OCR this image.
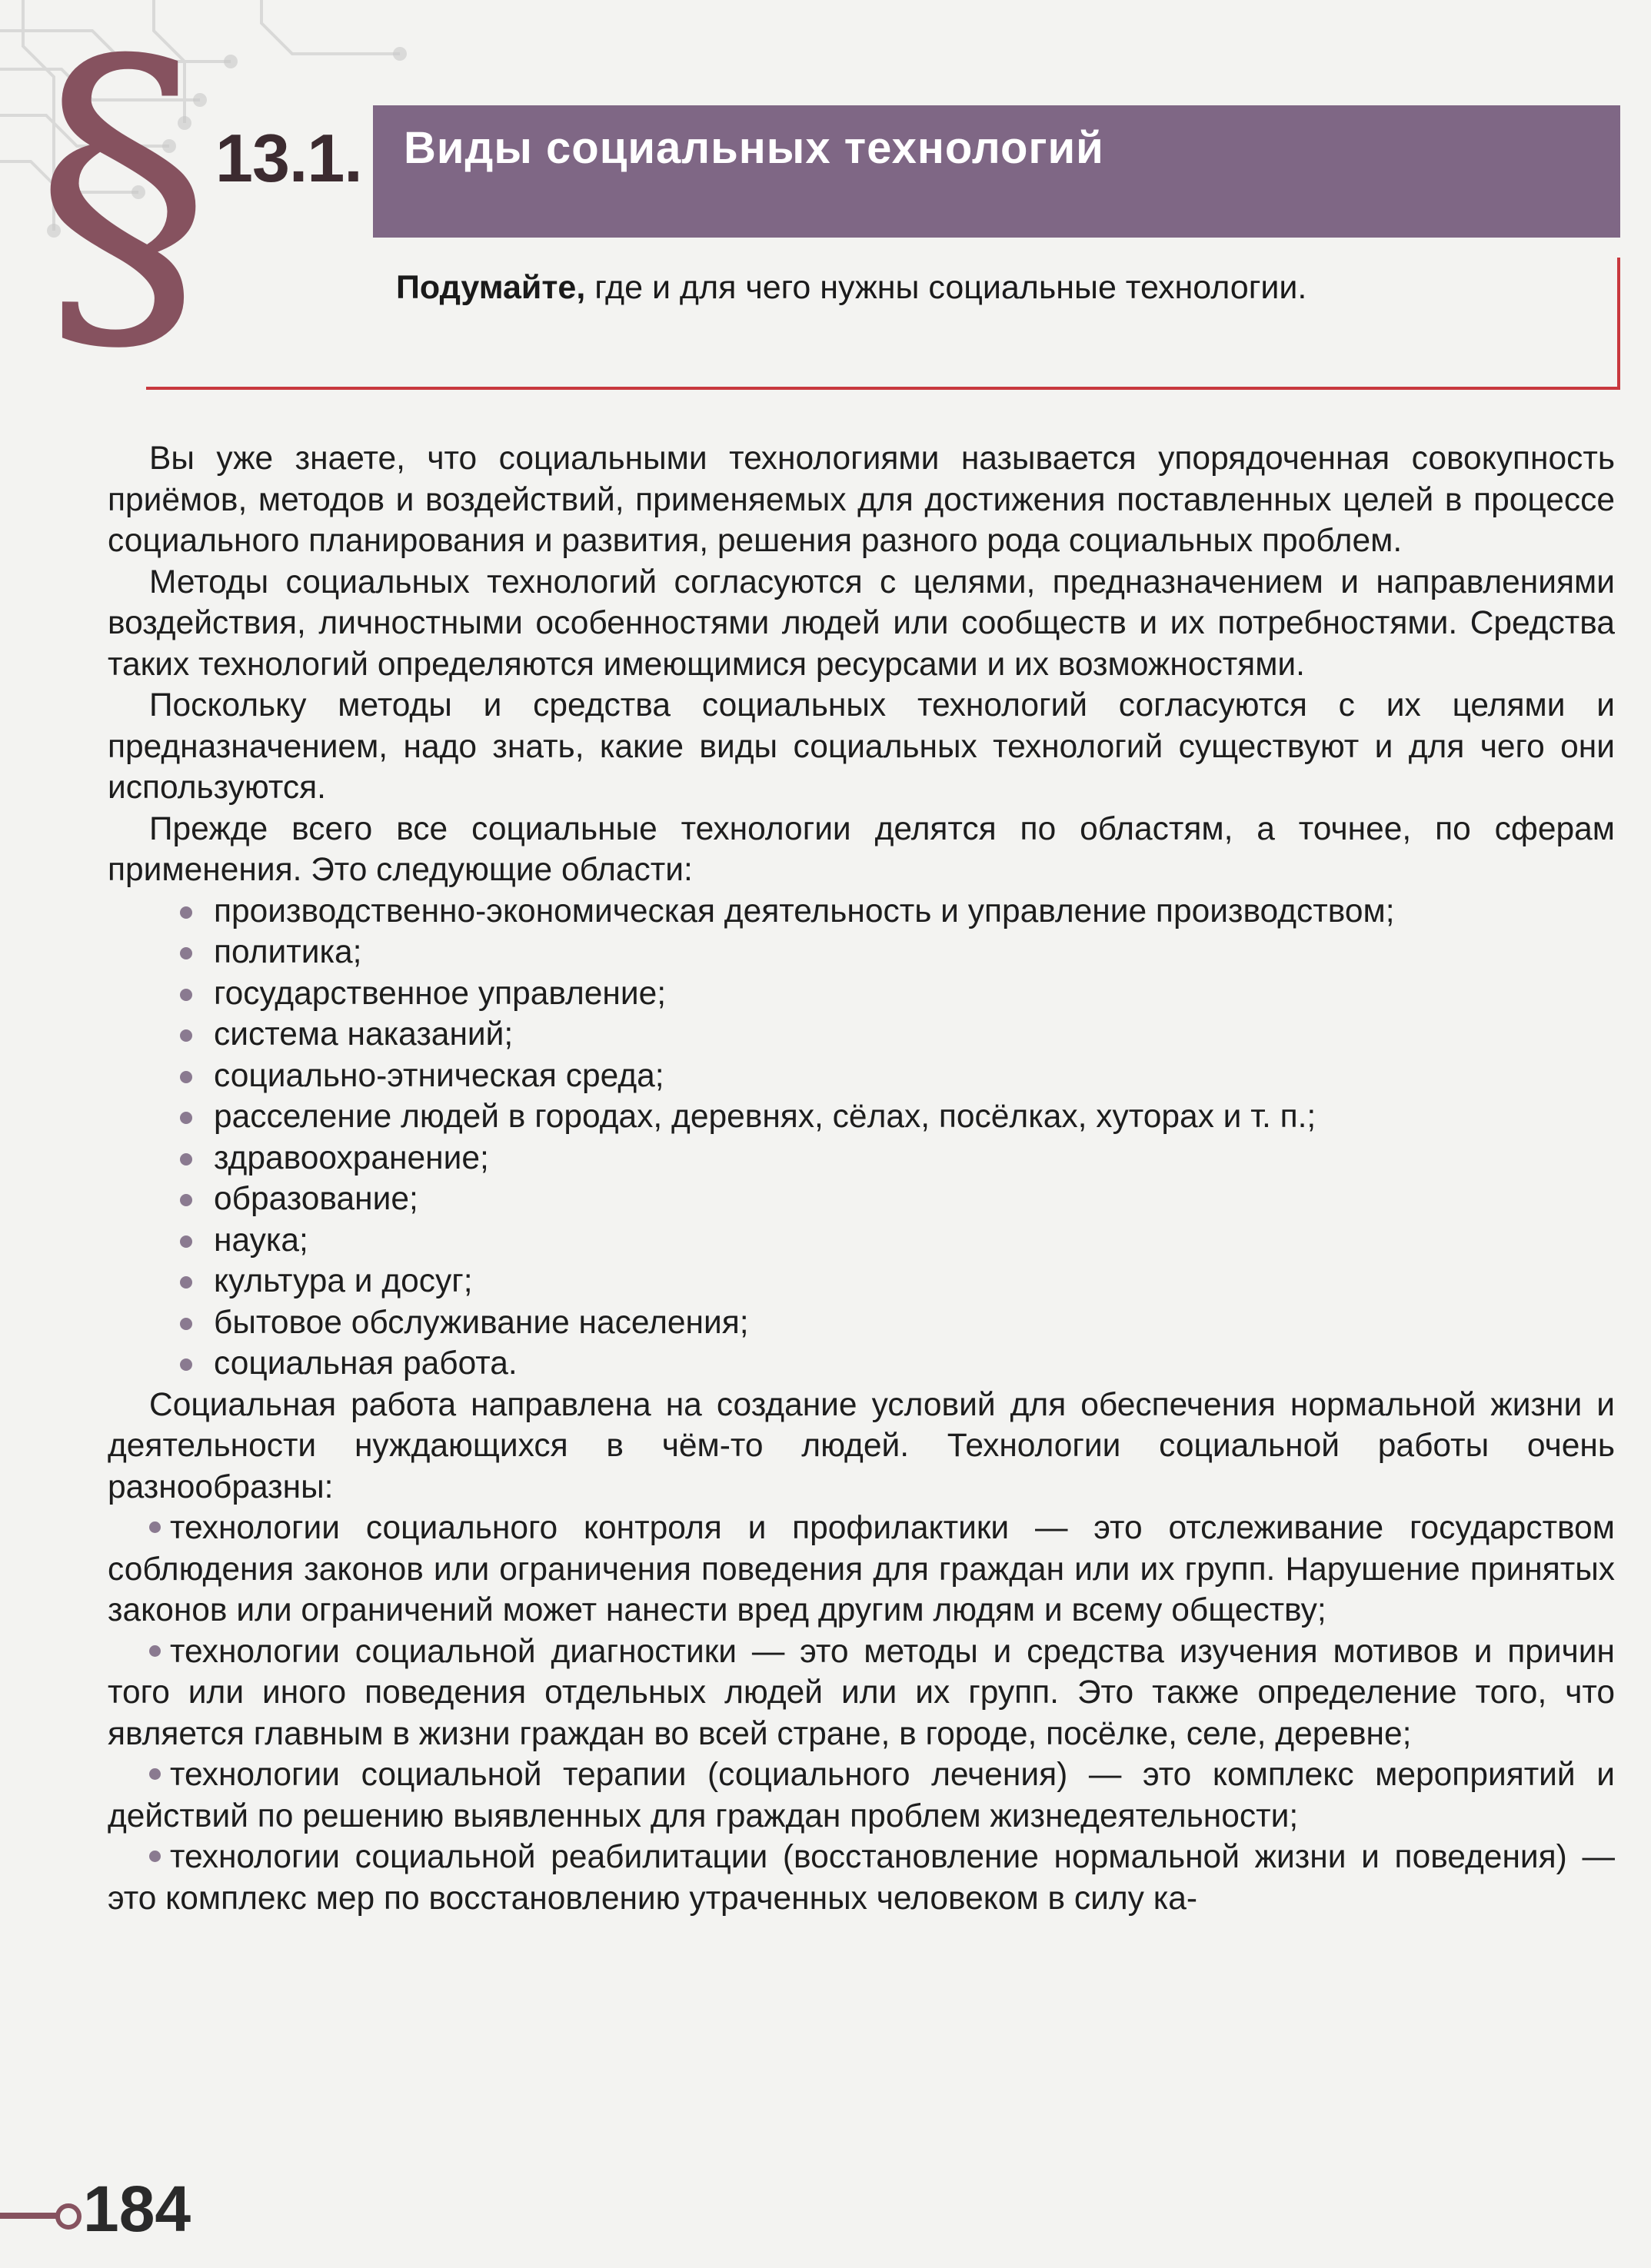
§ 13.1. Виды социальных технологий
Подумайте, где и для чего нужны социальные технологии.

Вы уже знаете, что социальными технологиями называется упорядоченная совокупность приёмов, методов и воздействий, применяемых для достижения поставленных целей в процессе социального планирования и развития, решения разного рода социальных проблем.

Методы социальных технологий согласуются с целями, предназначением и направлениями воздействия, личностными особенностями людей или сообществ и их потребностями. Средства таких технологий определяются имеющимися ресурсами и их возможностями.

Поскольку методы и средства социальных технологий согласуются с их целями и предназначением, надо знать, какие виды социальных технологий существуют и для чего они используются.

Прежде всего все социальные технологии делятся по областям, а точнее, по сферам применения. Это следующие области:

производственно-экономическая деятельность и управление производством;
политика;
государственное управление;
система наказаний;
социально-этническая среда;
расселение людей в городах, деревнях, сёлах, посёлках, хуторах и т. п.;
здравоохранение;
образование;
наука;
культура и досуг;
бытовое обслуживание населения;
социальная работа.

Социальная работа направлена на создание условий для обеспечения нормальной жизни и деятельности нуждающихся в чём-то людей. Технологии социальной работы очень разнообразны:

технологии социального контроля и профилактики — это отслеживание государством соблюдения законов или ограничения поведения для граждан или их групп. Нарушение принятых законов или ограничений может нанести вред другим людям и всему обществу;

технологии социальной диагностики — это методы и средства изучения мотивов и причин того или иного поведения отдельных людей или их групп. Это также определение того, что является главным в жизни граждан во всей стране, в городе, посёлке, селе, деревне;

технологии социальной терапии (социального лечения) — это комплекс мероприятий и действий по решению выявленных для граждан проблем жизнедеятельности;

технологии социальной реабилитации (восстановление нормальной жизни и поведения) — это комплекс мер по восстановлению утраченных человеком в силу ка-

184
